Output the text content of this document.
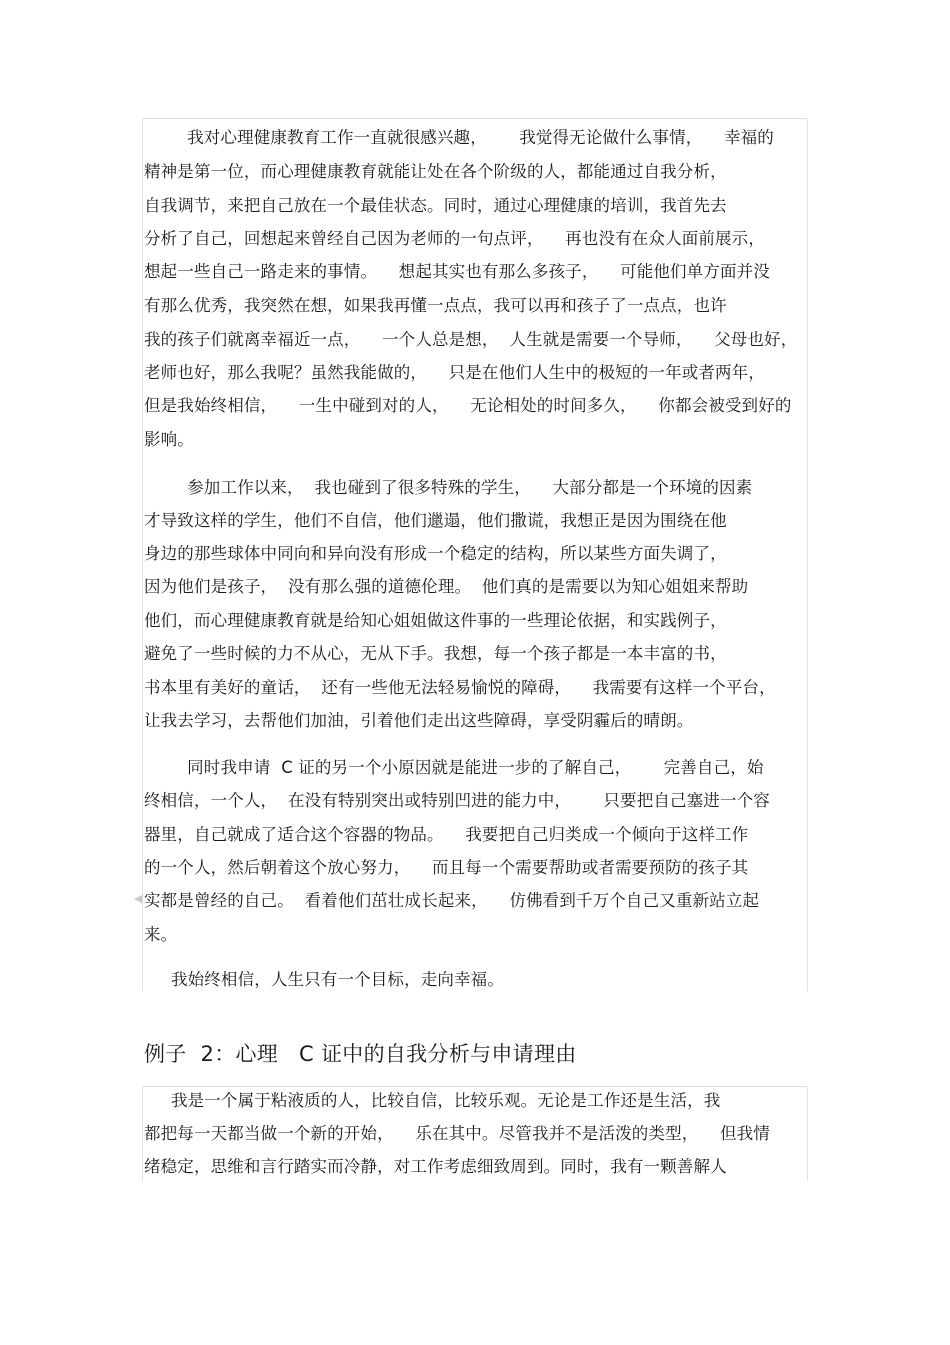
◀
我对心理健康教育工作一直就很感兴趣，      我觉得无论做什么事情，    幸福的
精神是第一位，而心理健康教育就能让处在各个阶级的人，都能通过自我分析，
自我调节，来把自己放在一个最佳状态。同时，通过心理健康的培训，我首先去
分析了自己，回想起来曾经自己因为老师的一句点评，    再也没有在众人面前展示，
想起一些自己一路走来的事情。    想起其实也有那么多孩子，    可能他们单方面并没
有那么优秀，我突然在想，如果我再懂一点点，我可以再和孩子了一点点，也许
我的孩子们就离幸福近一点，    一个人总是想，  人生就是需要一个导师，    父母也好，
老师也好，那么我呢？虽然我能做的，    只是在他们人生中的极短的一年或者两年，
但是我始终相信，    一生中碰到对的人，    无论相处的时间多久，    你都会被受到好的
影响。
参加工作以来，  我也碰到了很多特殊的学生，    大部分都是一个环境的因素
才导致这样的学生，他们不自信，他们邋遢，他们撒谎，我想正是因为围绕在他
身边的那些球体中同向和异向没有形成一个稳定的结构，所以某些方面失调了，
因为他们是孩子，  没有那么强的道德伦理。  他们真的是需要以为知心姐姐来帮助
他们，而心理健康教育就是给知心姐姐做这件事的一些理论依据，和实践例子，
避免了一些时候的力不从心，无从下手。我想，每一个孩子都是一本丰富的书，
书本里有美好的童话，  还有一些他无法轻易愉悦的障碍，    我需要有这样一个平台，
让我去学习，去帮他们加油，引着他们走出这些障碍，享受阴霾后的晴朗。
同时我申请  C 证的另一个小原因就是能进一步的了解自己，      完善自己，始
终相信，一个人，  在没有特别突出或特别凹进的能力中，      只要把自己塞进一个容
器里，自己就成了适合这个容器的物品。    我要把自己归类成一个倾向于这样工作
的一个人，然后朝着这个放心努力，    而且每一个需要帮助或者需要预防的孩子其
实都是曾经的自己。  看着他们茁壮成长起来，    仿佛看到千万个自己又重新站立起
来。
我始终相信，人生只有一个目标，走向幸福。
例子  2：心理   C 证中的自我分析与申请理由
我是一个属于粘液质的人，比较自信，比较乐观。无论是工作还是生活，我
都把每一天都当做一个新的开始，    乐在其中。尽管我并不是活泼的类型，    但我情
绪稳定，思维和言行踏实而冷静，对工作考虑细致周到。同时，我有一颗善解人
